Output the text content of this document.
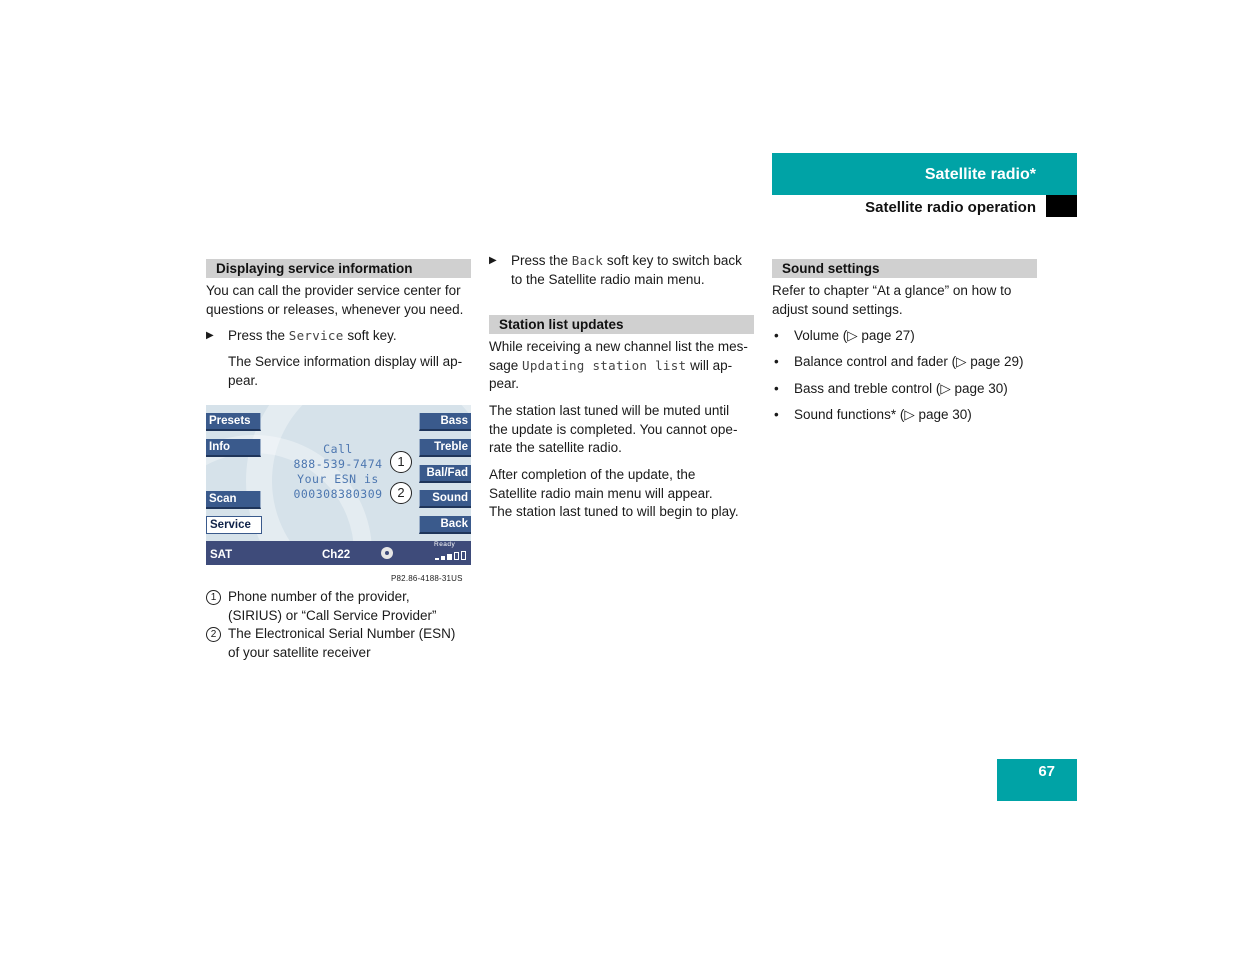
Satellite radio*
Satellite radio operation
Displaying service information
You can call the provider service center for
questions or releases, whenever you need.
▶ Press the Service soft key.
The Service information display will ap-
pear.
Presets
Info
Scan
Service
Bass
Treble
Bal/Fad
Sound
Back
Call
888-539-7474
Your ESN is
000308380309
1
2
SAT	Ch22
Ready
P82.86-4188-31US
1 Phone number of the provider,
(SIRIUS) or “Call Service Provider”
2 The Electronical Serial Number (ESN)
of your satellite receiver
▶ Press the Back soft key to switch back
to the Satellite radio main menu.
Station list updates
While receiving a new channel list the mes-
sage Updating station list will ap-
pear.
The station last tuned will be muted until
the update is completed. You cannot ope-
rate the satellite radio.
After completion of the update, the
Satellite radio main menu will appear.
The station last tuned to will begin to play.
Sound settings
Refer to chapter “At a glance” on how to
adjust sound settings.
• Volume (▷ page 27)
• Balance control and fader (▷ page 29)
• Bass and treble control (▷ page 30)
• Sound functions* (▷ page 30)
67
